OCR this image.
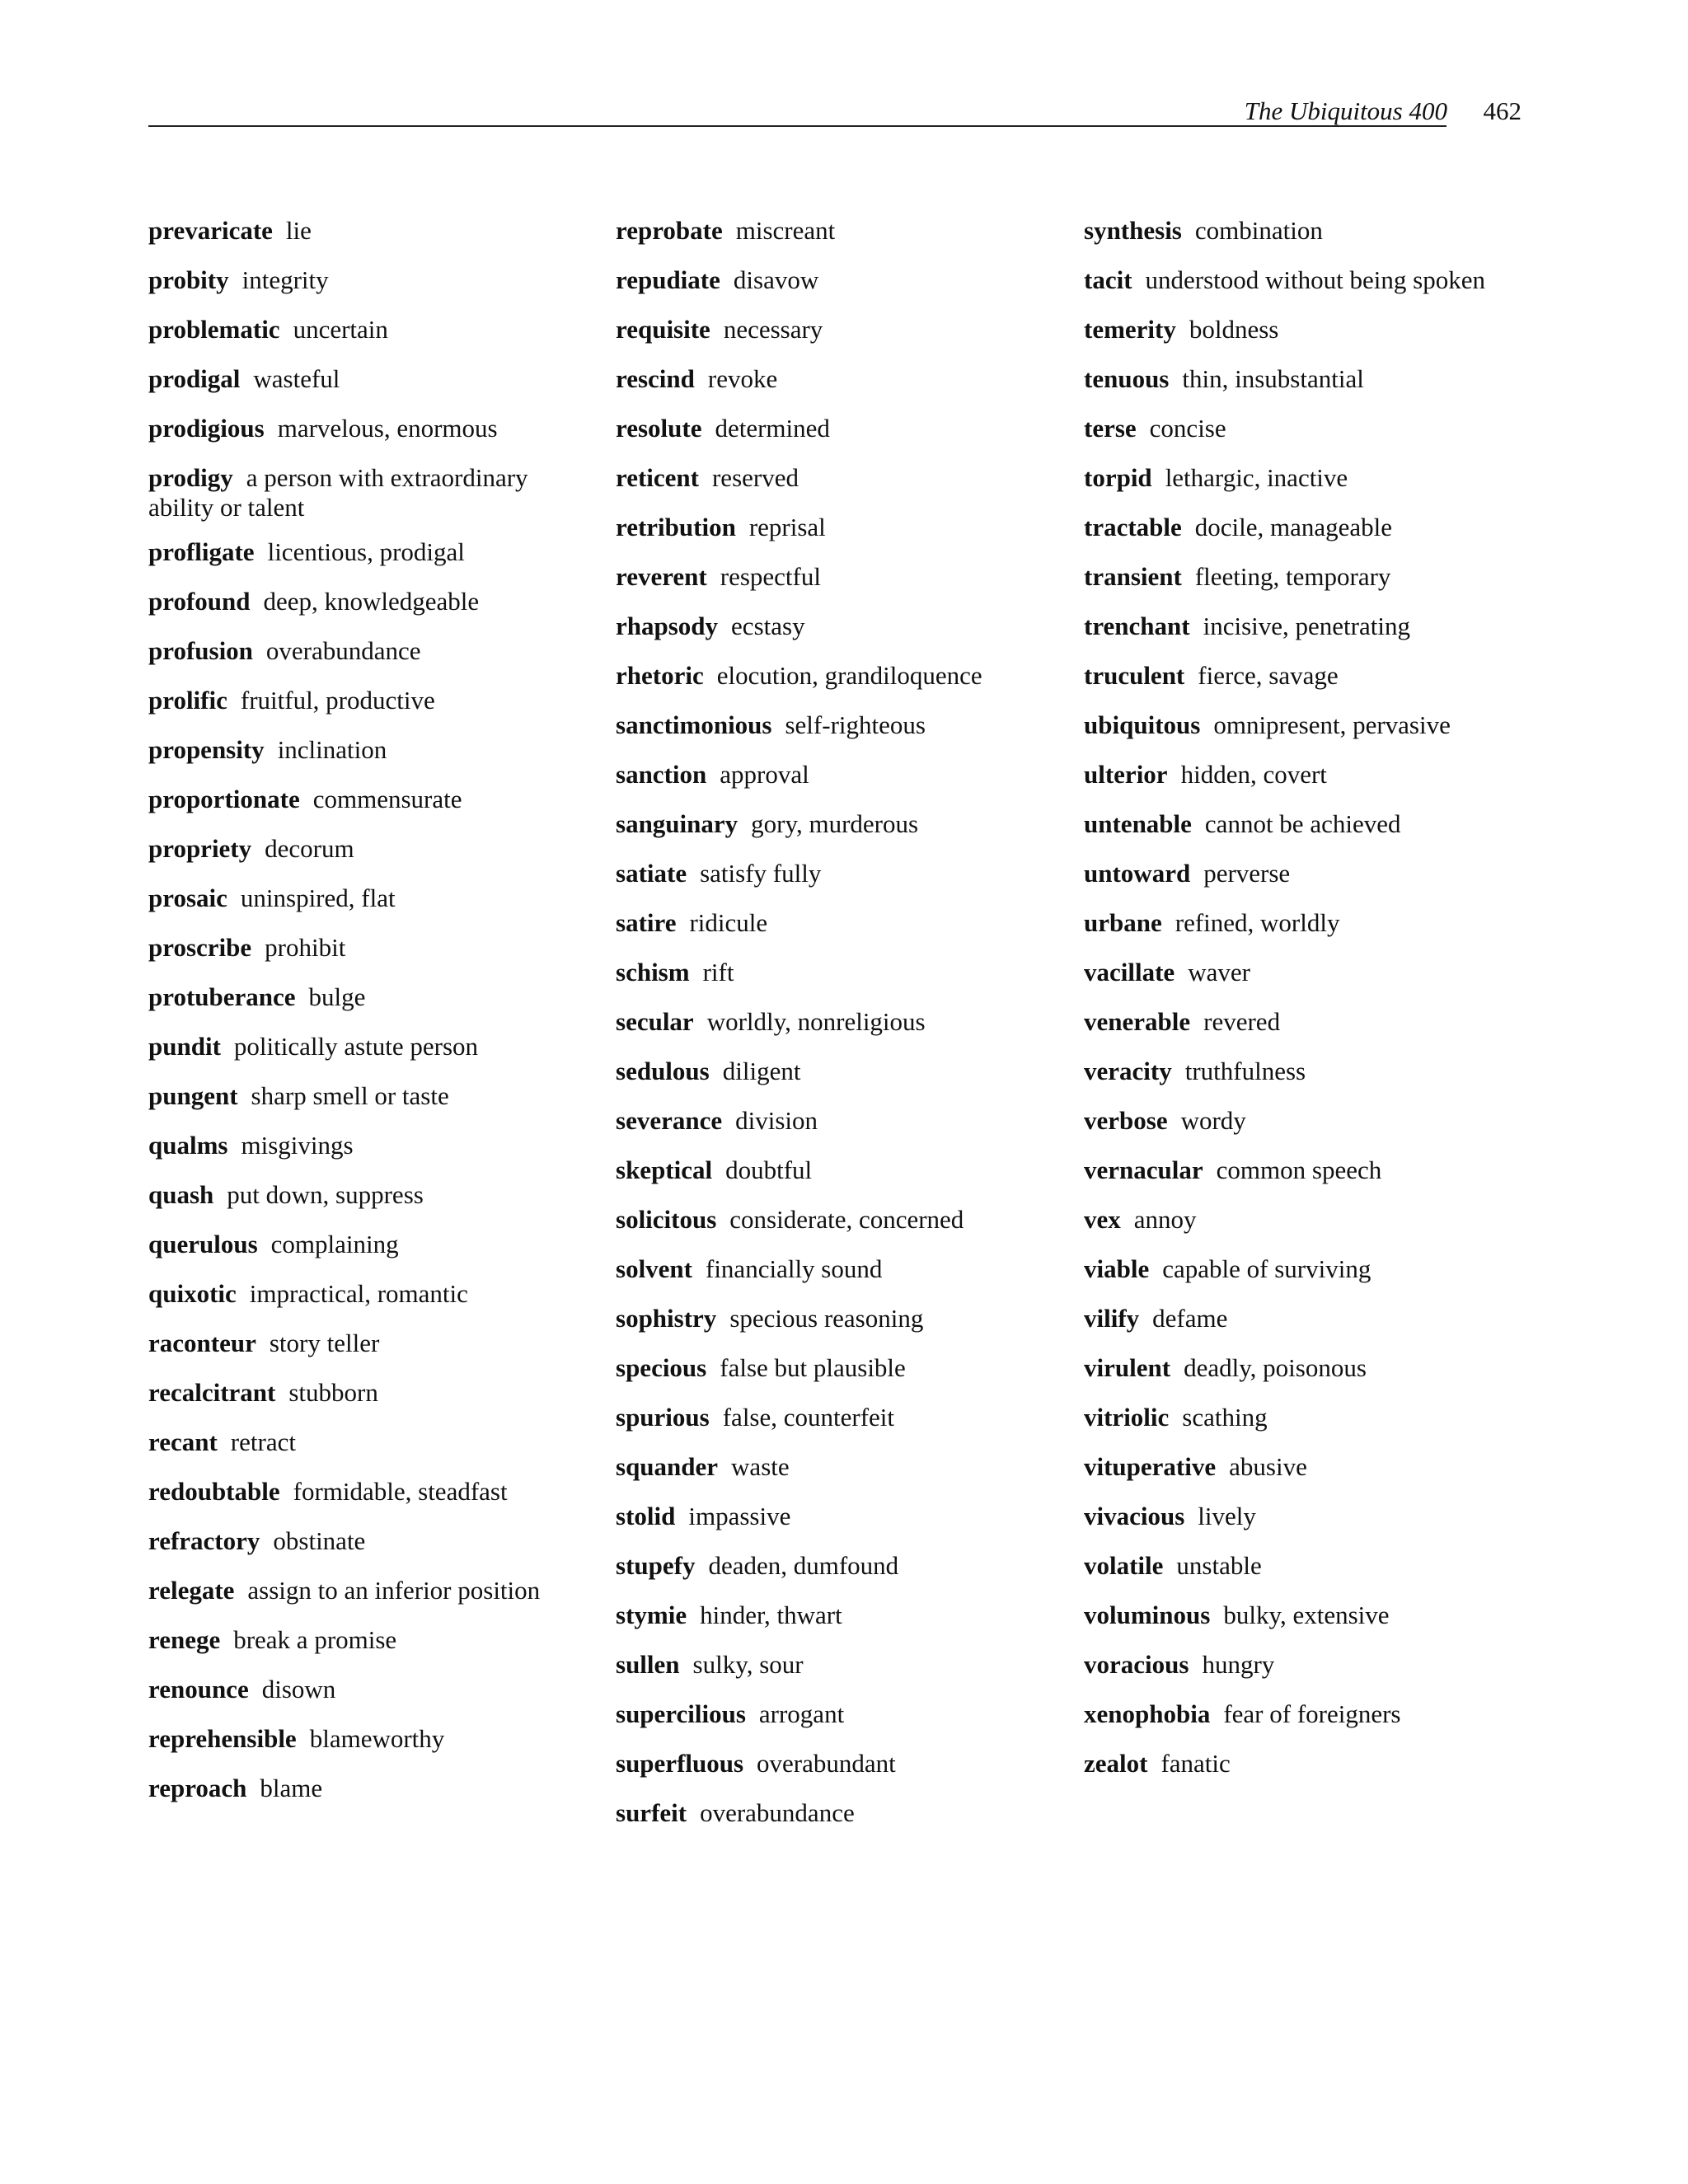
The Ubiquitous 400 462
prevaricate lie
probity integrity
problematic uncertain
prodigal wasteful
prodigious marvelous, enormous
prodigy a person with extraordinary ability or talent
profligate licentious, prodigal
profound deep, knowledgeable
profusion overabundance
prolific fruitful, productive
propensity inclination
proportionate commensurate
propriety decorum
prosaic uninspired, flat
proscribe prohibit
protuberance bulge
pundit politically astute person
pungent sharp smell or taste
qualms misgivings
quash put down, suppress
querulous complaining
quixotic impractical, romantic
raconteur story teller
recalcitrant stubborn
recant retract
redoubtable formidable, steadfast
refractory obstinate
relegate assign to an inferior position
renege break a promise
renounce disown
reprehensible blameworthy
reproach blame
reprobate miscreant
repudiate disavow
requisite necessary
rescind revoke
resolute determined
reticent reserved
retribution reprisal
reverent respectful
rhapsody ecstasy
rhetoric elocution, grandiloquence
sanctimonious self-righteous
sanction approval
sanguinary gory, murderous
satiate satisfy fully
satire ridicule
schism rift
secular worldly, nonreligious
sedulous diligent
severance division
skeptical doubtful
solicitous considerate, concerned
solvent financially sound
sophistry specious reasoning
specious false but plausible
spurious false, counterfeit
squander waste
stolid impassive
stupefy deaden, dumfound
stymie hinder, thwart
sullen sulky, sour
supercilious arrogant
superfluous overabundant
surfeit overabundance
synthesis combination
tacit understood without being spoken
temerity boldness
tenuous thin, insubstantial
terse concise
torpid lethargic, inactive
tractable docile, manageable
transient fleeting, temporary
trenchant incisive, penetrating
truculent fierce, savage
ubiquitous omnipresent, pervasive
ulterior hidden, covert
untenable cannot be achieved
untoward perverse
urbane refined, worldly
vacillate waver
venerable revered
veracity truthfulness
verbose wordy
vernacular common speech
vex annoy
viable capable of surviving
vilify defame
virulent deadly, poisonous
vitriolic scathing
vituperative abusive
vivacious lively
volatile unstable
voluminous bulky, extensive
voracious hungry
xenophobia fear of foreigners
zealot fanatic
